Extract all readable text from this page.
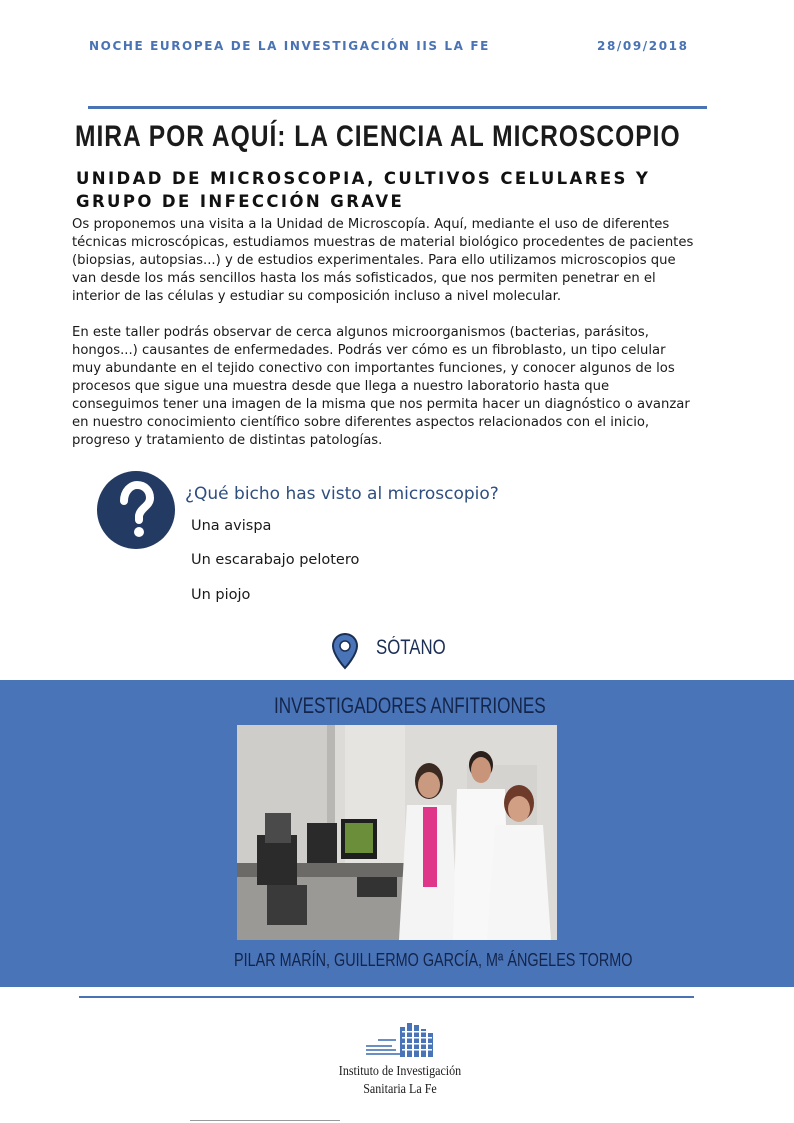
NOCHE EUROPEA DE LA INVESTIGACIÓN IIS LA FE	28/09/2018
MIRA POR AQUÍ: LA CIENCIA AL MICROSCOPIO
UNIDAD DE MICROSCOPIA, CULTIVOS CELULARES Y GRUPO DE INFECCIÓN GRAVE

Os proponemos una visita a la Unidad de Microscopía. Aquí, mediante el uso de diferentes técnicas microscópicas, estudiamos muestras de material biológico procedentes de pacientes (biopsias, autopsias...) y de estudios experimentales. Para ello utilizamos microscopios que van desde los más sencillos hasta los más sofisticados, que nos permiten penetrar en el interior de las células y estudiar su composición incluso a nivel molecular.

En este taller podrás observar de cerca algunos microorganismos (bacterias, parásitos, hongos...) causantes de enfermedades. Podrás ver cómo es un fibroblasto, un tipo celular muy abundante en el tejido conectivo con importantes funciones, y conocer algunos de los procesos que sigue una muestra desde que llega a nuestro laboratorio hasta que conseguimos tener una imagen de la misma que nos permita hacer un diagnóstico o avanzar en nuestro conocimiento científico sobre diferentes aspectos relacionados con el inicio, progreso y tratamiento de distintas patologías.

¿Qué bicho has visto al microscopio?
Una avispa
Un escarabajo pelotero
Un piojo
SÓTANO
INVESTIGADORES ANFITRIONES
PILAR MARÍN, GUILLERMO GARCÍA, Mª ÁNGELES TORMO
Instituto de Investigación
Sanitaria La Fe
